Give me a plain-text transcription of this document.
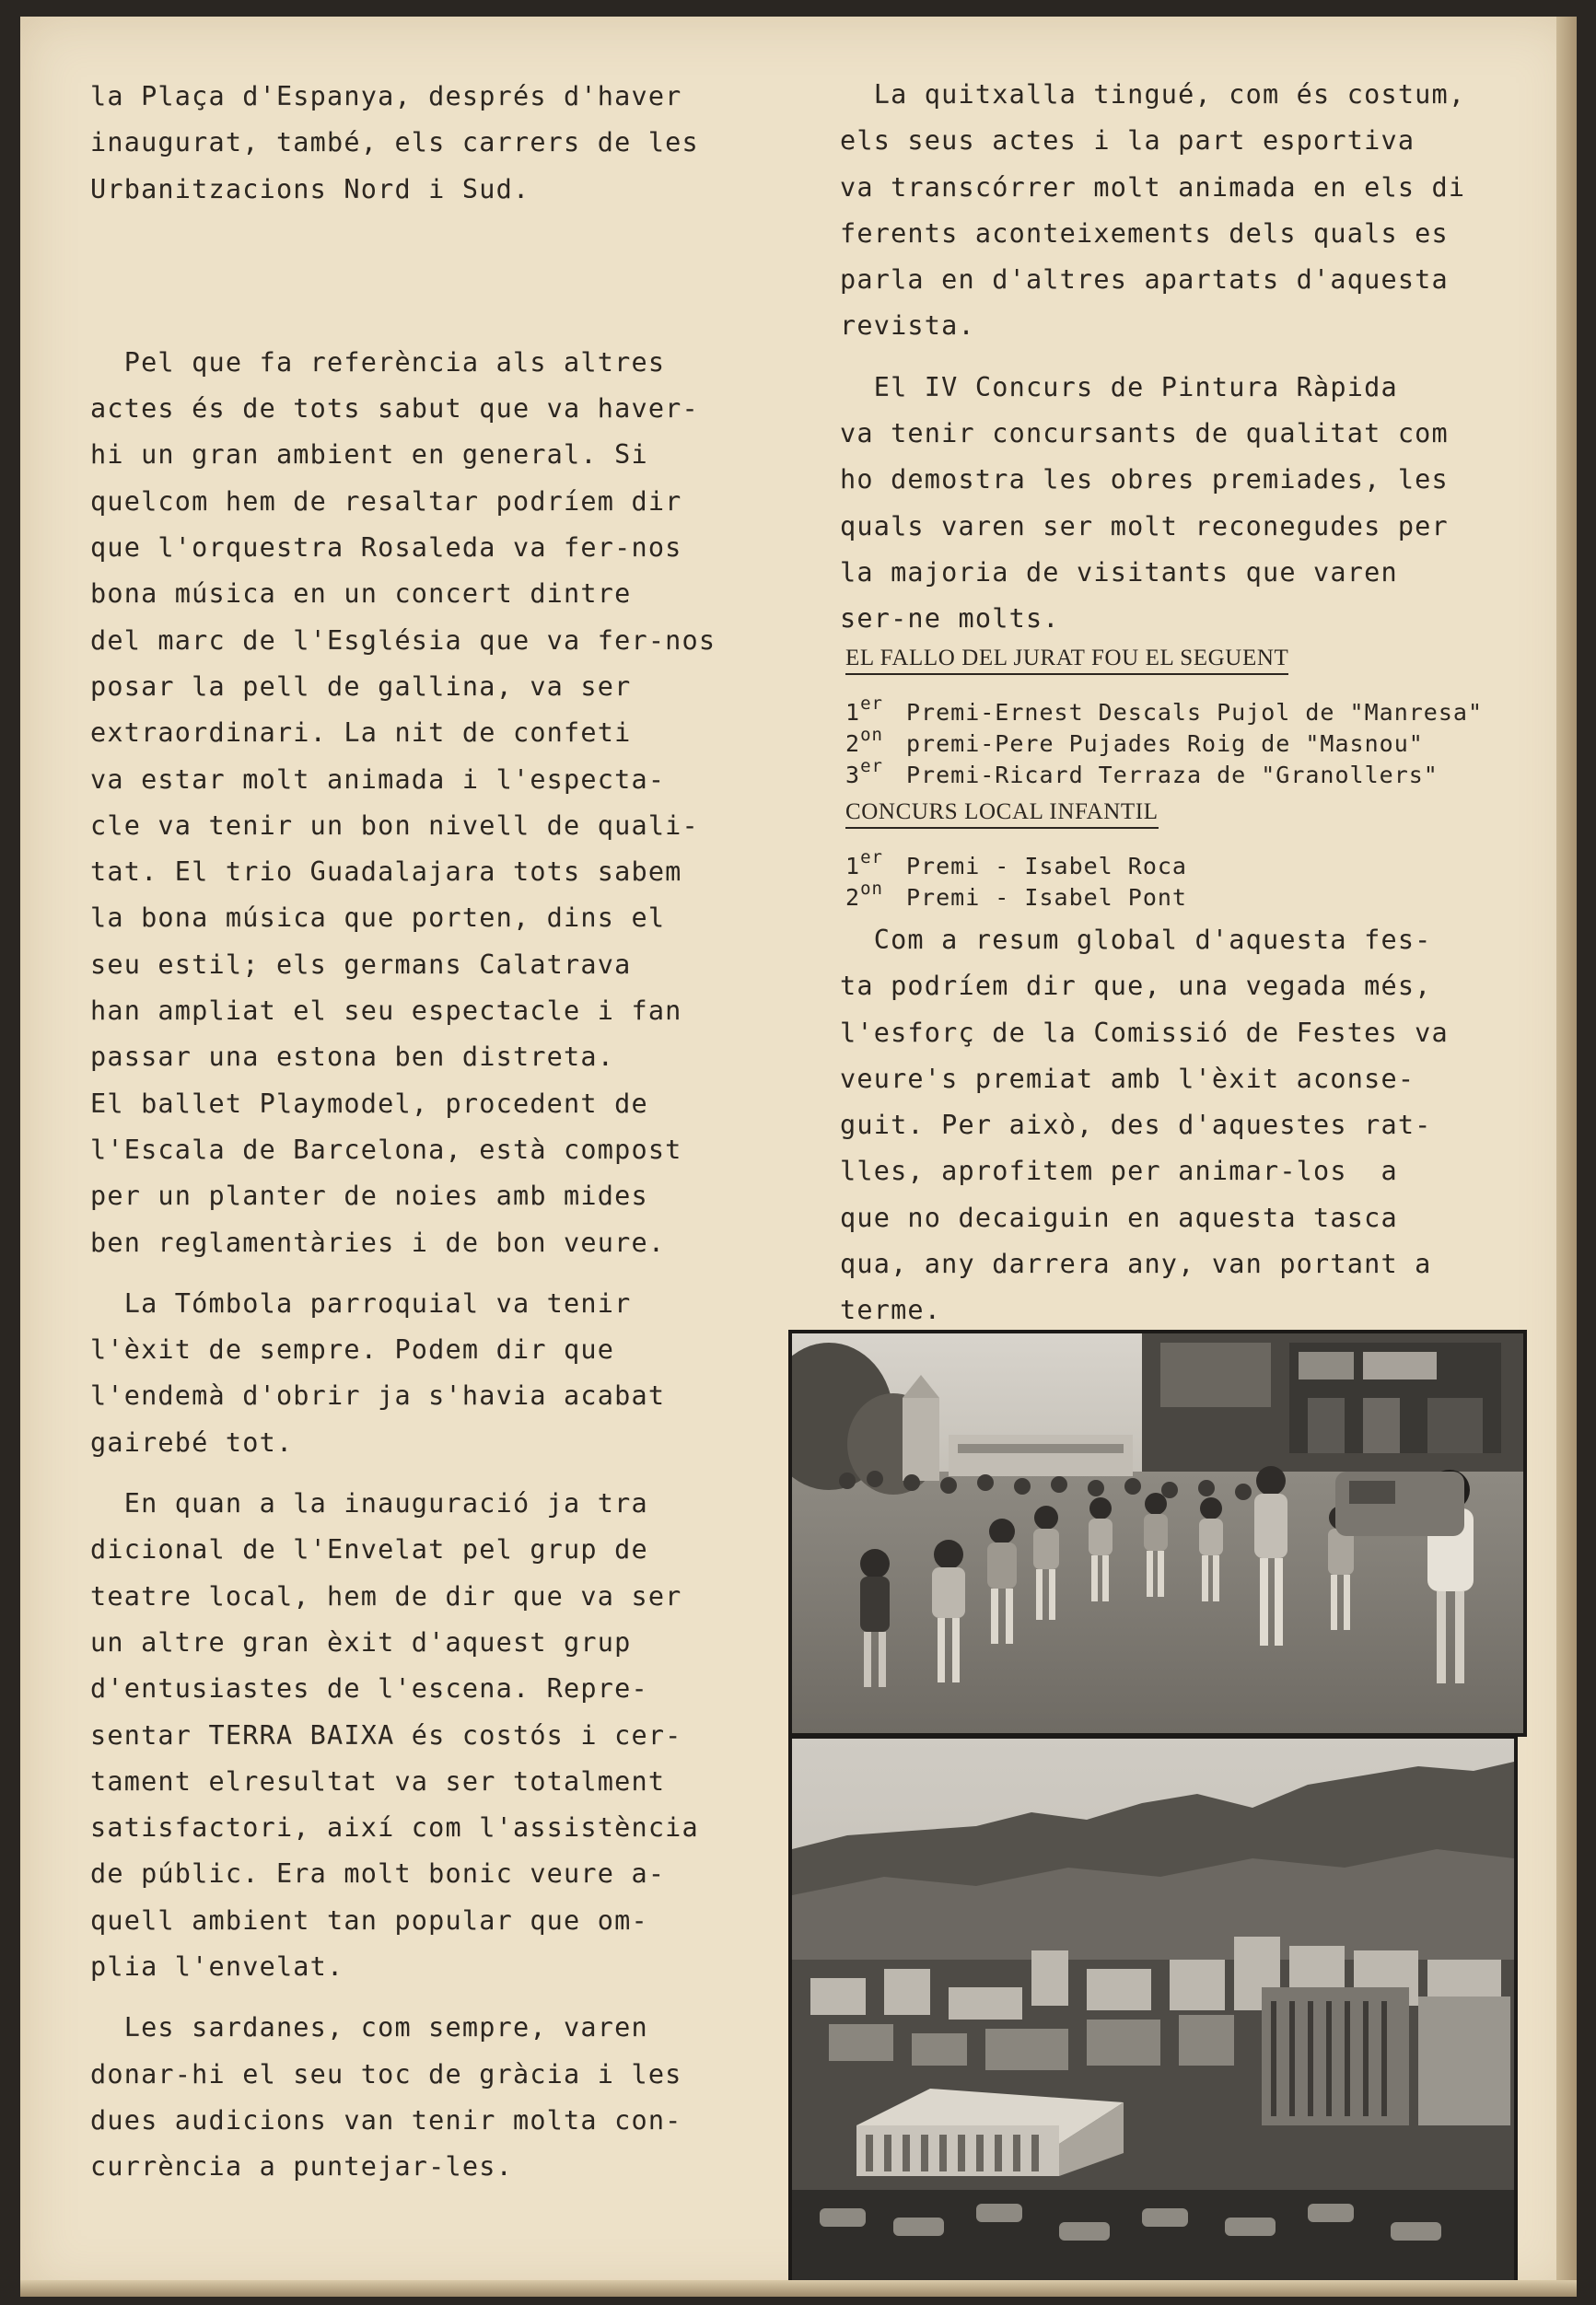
la Plaça d'Espanya, després d'haver

inaugurat, també, els carrers de les

Urbanitzacions Nord i Sud.

Pel que fa referència als altres

actes és de tots sabut que va haver-

hi un gran ambient en general. Si

quelcom hem de resaltar podríem dir

que l'orquestra Rosaleda va fer-nos

bona música en un concert dintre

del marc de l'Església que va fer-nos

posar la pell de gallina, va ser

extraordinari. La nit de confeti

va estar molt animada i l'especta-

cle va tenir un bon nivell de quali-

tat. El trio Guadalajara tots sabem

la bona música que porten, dins el

seu estil; els germans Calatrava

han ampliat el seu espectacle i fan

passar una estona ben distreta.

El ballet Playmodel, procedent de

l'Escala de Barcelona, està compost

per un planter de noies amb mides

ben reglamentàries i de bon veure.

La Tómbola parroquial va tenir

l'èxit de sempre. Podem dir que

l'endemà d'obrir ja s'havia acabat

gairebé tot.

En quan a la inauguració ja tra

dicional de l'Envelat pel grup de

teatre local, hem de dir que va ser

un altre gran èxit d'aquest grup

d'entusiastes de l'escena. Repre-

sentar TERRA BAIXA és costós i cer-

tament elresultat va ser totalment

satisfactori, així com l'assistència

de públic. Era molt bonic veure a-

quell ambient tan popular que om-

plia l'envelat.

Les sardanes, com sempre, varen

donar-hi el seu toc de gràcia i les

dues audicions van tenir molta con-

currència a puntejar-les.

La quitxalla tingué, com és costum,

els seus actes i la part esportiva

va transcórrer molt animada en els di

ferents aconteixements dels quals es

parla en d'altres apartats d'aquesta

revista.

El IV Concurs de Pintura Ràpida

va tenir concursants de qualitat com

ho demostra les obres premiades, les

quals varen ser molt reconegudes per

la majoria de visitants que varen

ser-ne molts.

EL FALLO DEL JURAT FOU EL SEGUENT
1er Premi-Ernest Descals Pujol de "Manresa"
$2^{on}$ premi-Pere Pujades Roig de "Masnou"
3er Premi-Ricard Terraza de "Granollers"
CONCURS LOCAL INFANTIL
1er Premi - Isabel Roca
$2^{on}$ Premi - Isabel Pont

Com a resum global d'aquesta fes-

ta podríem dir que, una vegada més,

l'esforç de la Comissió de Festes va

veure's premiat amb l'èxit aconse-

guit. Per això, des d'aquestes rat-

lles, aprofitem per animar-los  a

que no decaiguin en aquesta tasca

qua, any darrera any, van portant a

terme.
